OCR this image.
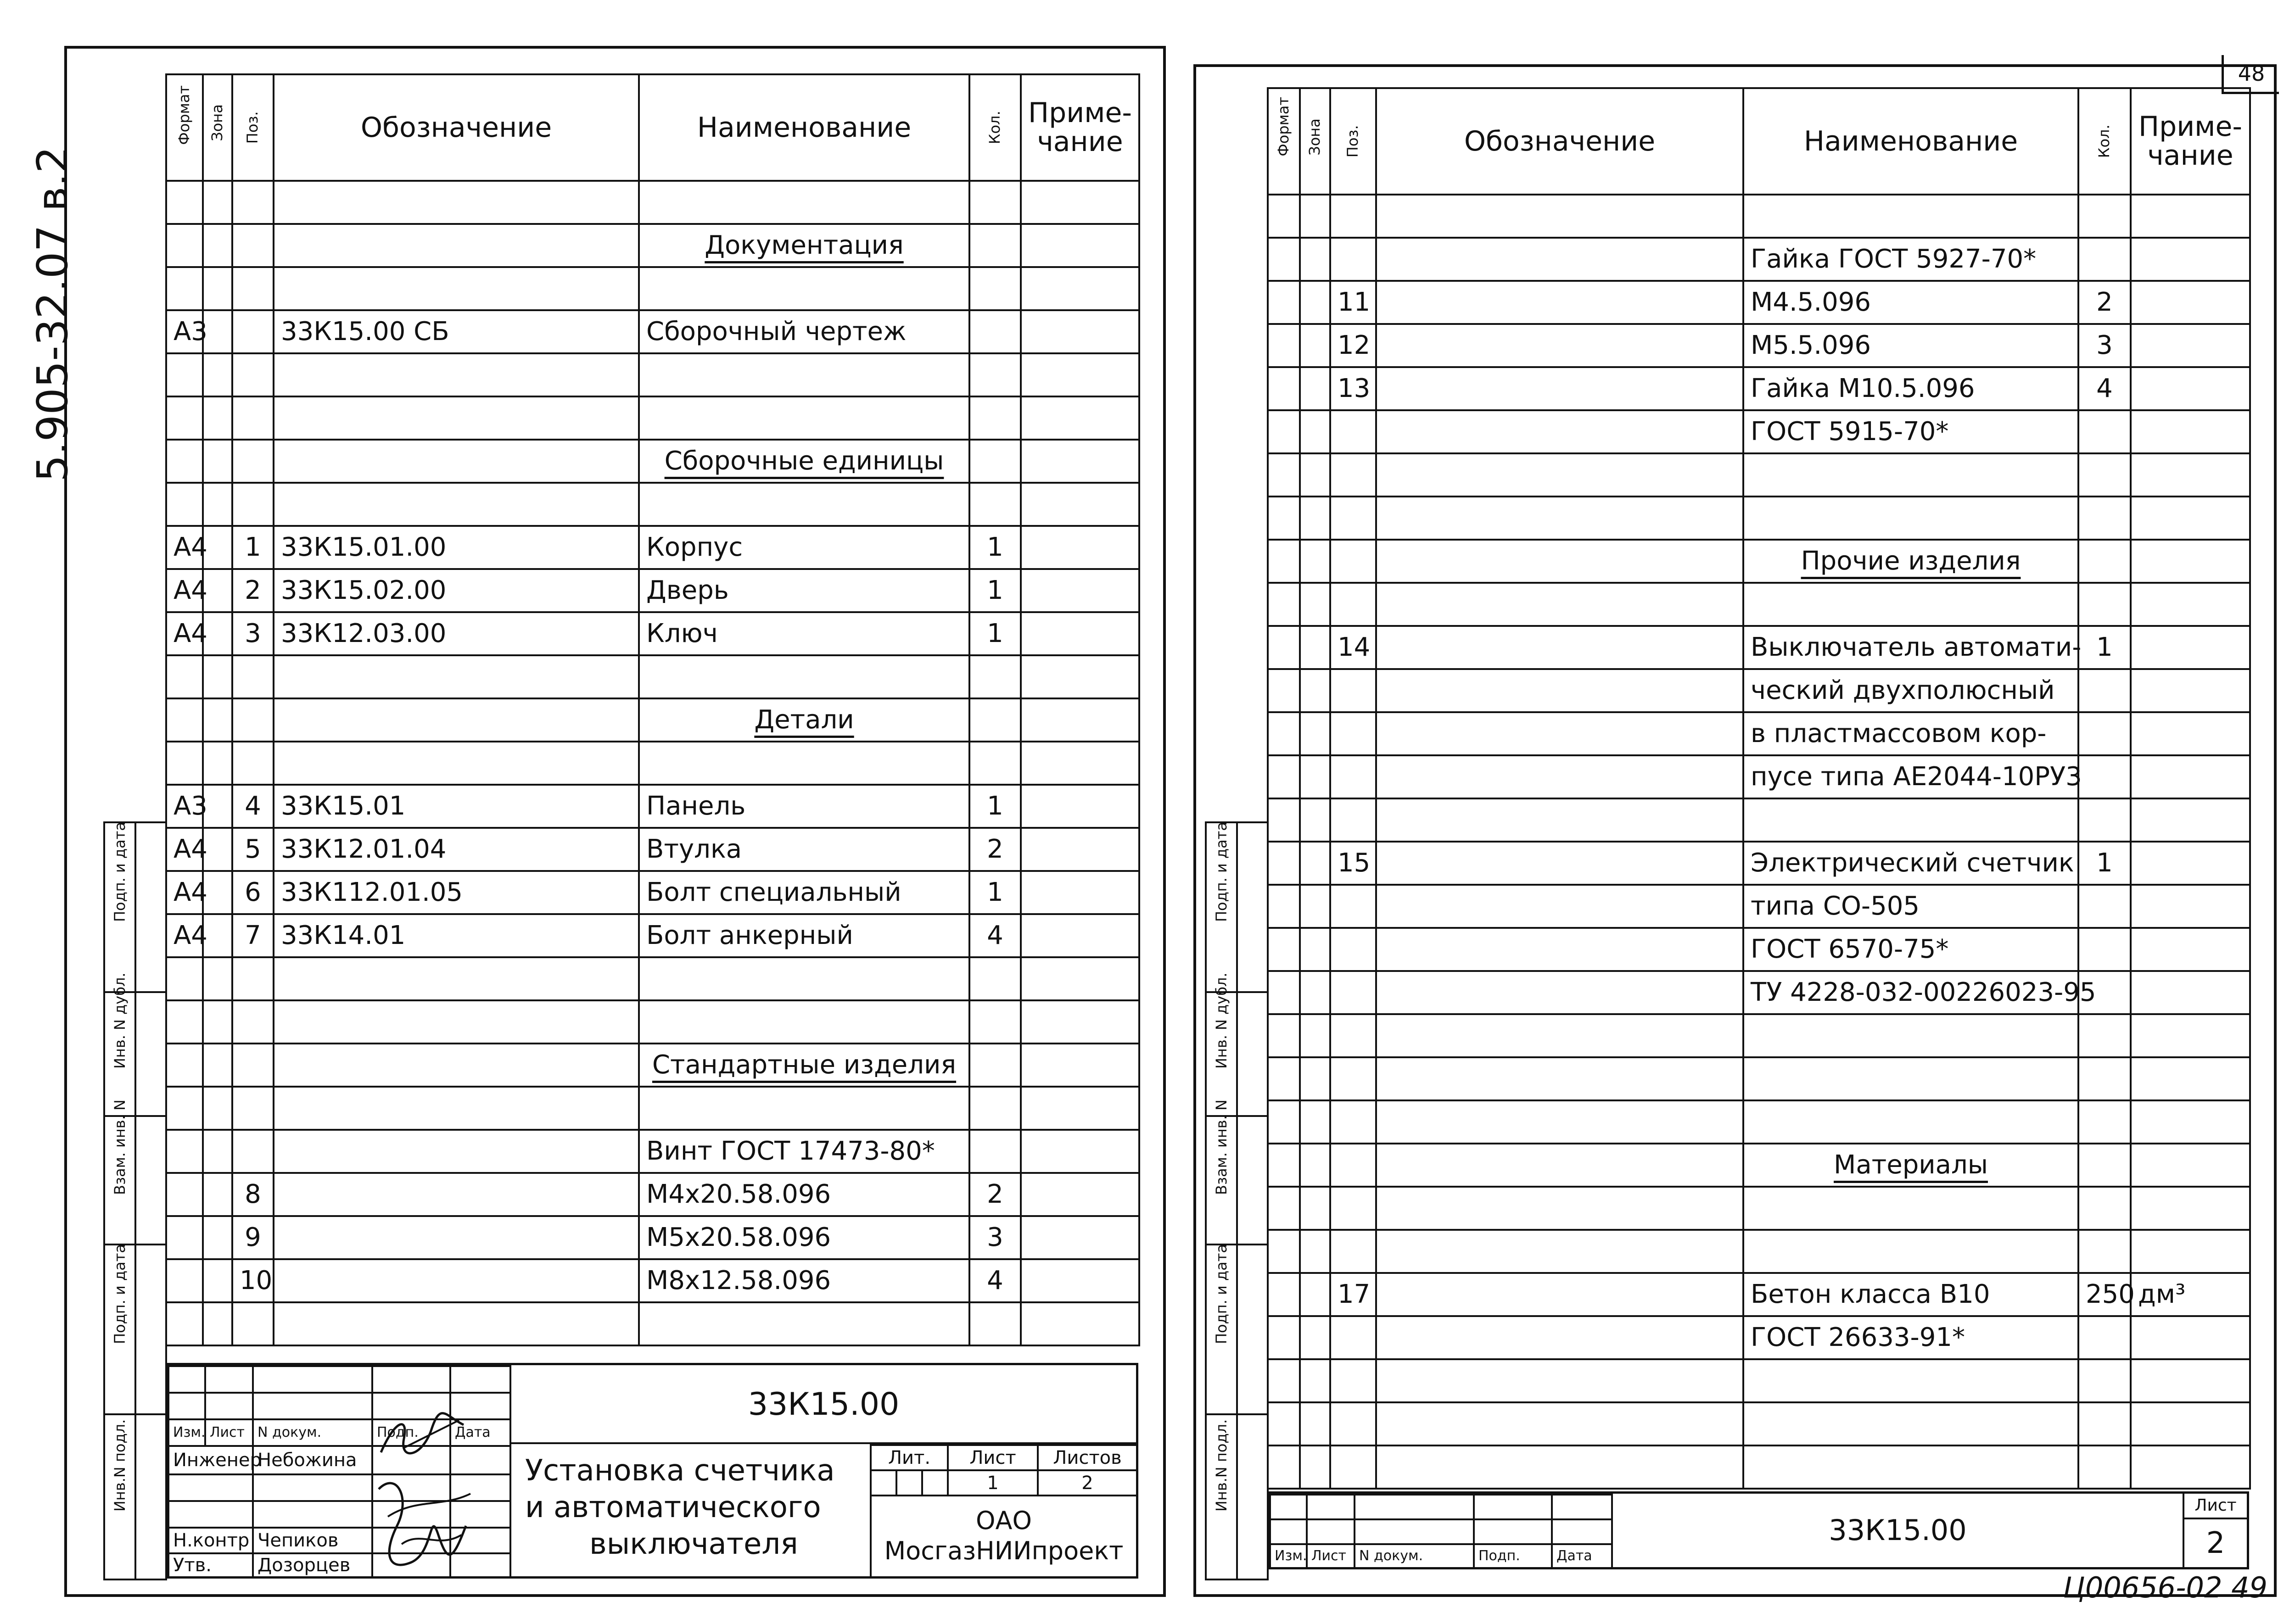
5.905-32.07 в.2
48
Формат	Зона	Поз.	Обозначение	Наименование	Кол.	Приме-чание

				Документация		

А3			33К15.00 СБ	Сборочный чертеж		

				Сборочные единицы		

А4		1	33К15.01.00	Корпус	1	
А4		2	33К15.02.00	Дверь	1	
А4		3	33К12.03.00	Ключ	1	

				Детали		

А3		4	33К15.01	Панель	1	
А4		5	33К12.01.04	Втулка	2	
А4		6	33К112.01.05	Болт специальный	1	
А4		7	33К14.01	Болт анкерный	4	

				Стандартные изделия		

				Винт ГОСТ 17473-80*		
		8		М4х20.58.096	2	
		9		М5х20.58.096	3	
		10		М8х12.58.096	4	

Подп. и дата	

Инв. N дубл.	

Взам. инв. N	

Подп. и дата	

Инв.N подл.	

					Изм.	Лист	N докум.	Подп.	Дата
Инженер		Небожина		

Н.контр		Чепиков		
Утв.		Дозорцев		
33К15.00
Установка счетчика
и автоматического
выключателя
Лит.			Лист	Листов
			1	2
ОАО
МосгазНИИпроект
Формат	Зона	Поз.	Обозначение	Наименование	Кол.	Приме-чание

				Гайка ГОСТ 5927-70*		
		11		М4.5.096	2	
		12		М5.5.096	3	
		13		Гайка М10.5.096	4	
				ГОСТ 5915-70*		

				Прочие изделия		

		14		Выключатель автомати-	1	
				ческий двухполюсный		
				в пластмассовом кор-		
				пусе типа АЕ2044-10РУ3		

		15		Электрический счетчик	1	
				типа СО-505		
				ГОСТ 6570-75*		
				ТУ 4228-032-00226023-95		

				Материалы		

		17		Бетон класса В10	250	дм³
				ГОСТ 26633-91*		

Подп. и дата	

Инв. N дубл.	

Взам. инв. N	

Подп. и дата	

Инв.N подл.	

Изм.	Лист	N докум.	Подп.	Дата
33К15.00
Лист
2
Ц00656-02 49
